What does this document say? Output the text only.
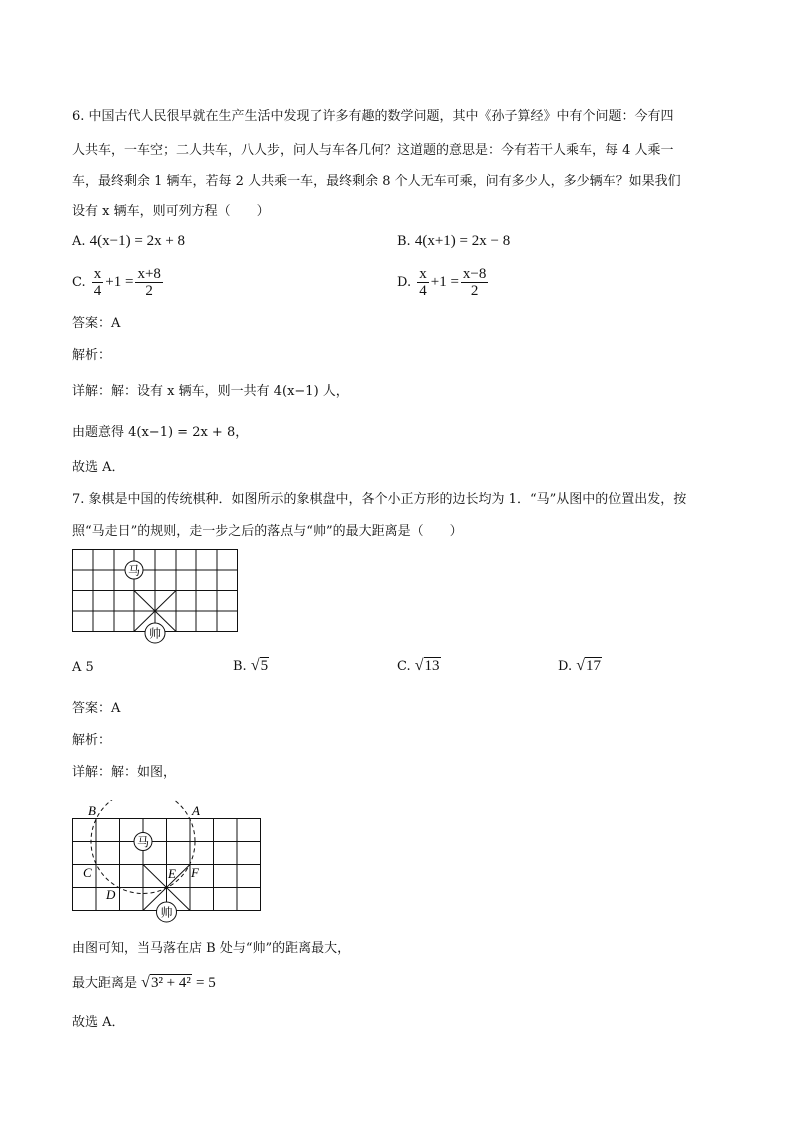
6. 中国古代人民很早就在生产生活中发现了许多有趣的数学问题，其中《孙子算经》中有个问题：今有四
人共车，一车空；二人共车，八人步，问人与车各几何？这道题的意思是：今有若干人乘车，每 4 人乘一
车，最终剩余 1 辆车，若每 2 人共乘一车，最终剩余 8 个人无车可乘，问有多少人，多少辆车？如果我们
设有 x 辆车，则可列方程（　　）
A. 4(x−1) = 2x + 8	B. 4(x+1) = 2x − 8
C. $\frac{x}{4} +1 = \frac{x+8}{2}$	D. $\frac{x}{4} +1 = \frac{x-8}{2}$
答案：A
解析：
详解：解：设有 x 辆车，则一共有 4(x−1) 人，
由题意得 4(x−1) = 2x + 8，
故选 A．
7. 象棋是中国的传统棋种．如图所示的象棋盘中，各个小正方形的边长均为 1．“马”从图中的位置出发，按
照“马走日”的规则，走一步之后的落点与“帅”的最大距离是（　　）
马
帅
A 5	B. √5	C. √13	D. √17
答案：A
解析：
详解：解：如图，
马
帅
B	A
C
D
E F
由图可知，当马落在店 B 处与“帅”的距离最大，
最大距离是 √3² + 4² = 5
故选 A．
